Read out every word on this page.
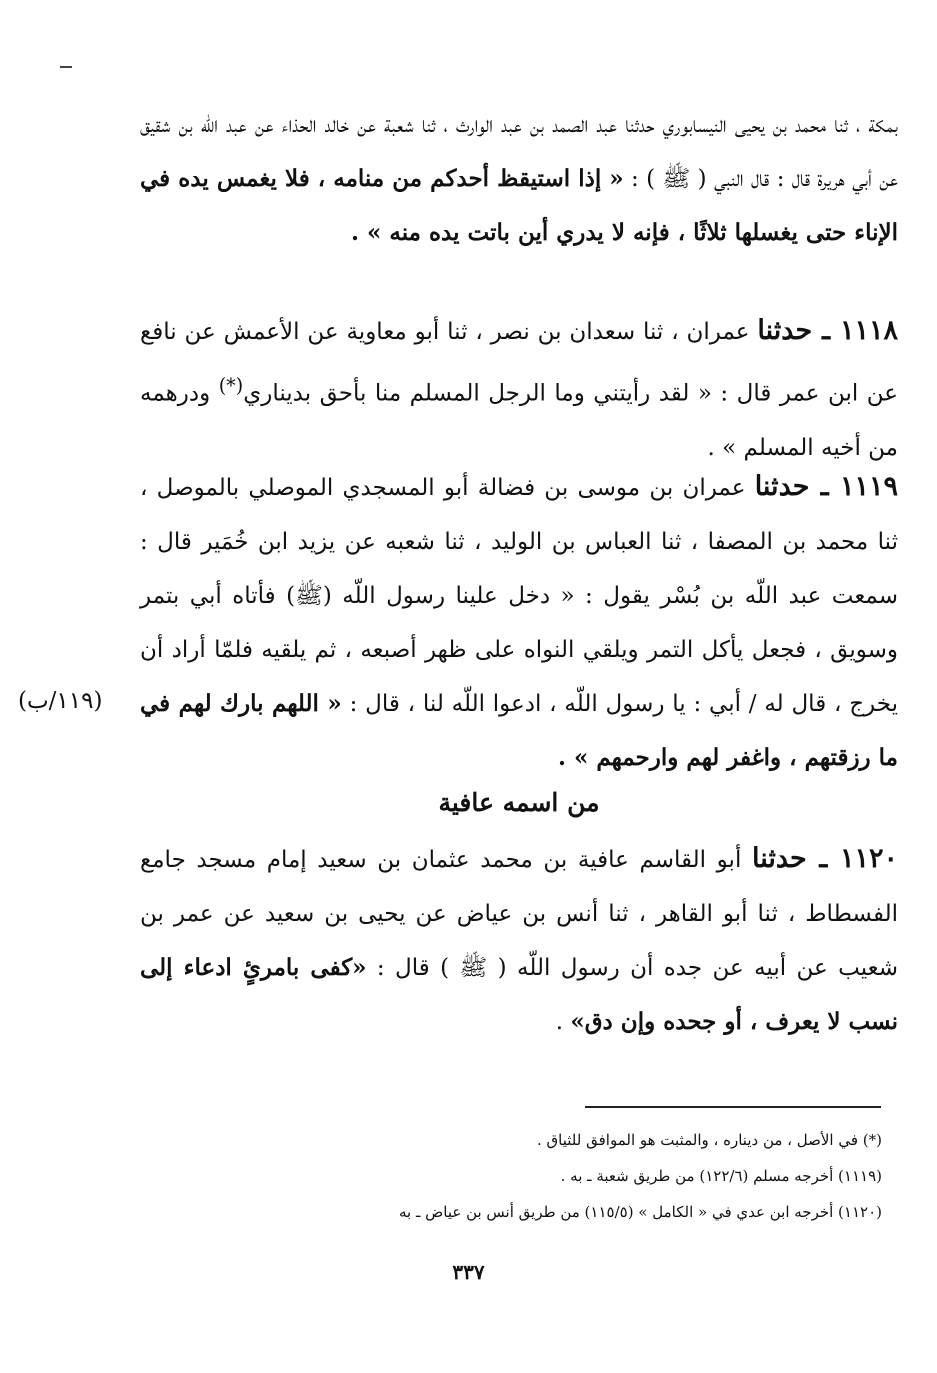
بمكة ، ثنا محمد بن يحيى النيسابوري حدثنا عبد الصمد بن عبد الوارث ، ثنا شعبة عن خالد الحذاء عن عبد اللّه بن شقيق عن أبي هريرة قال : قال النبي ( ﷺ ) : « إذا استيقظ أحدكم من منامه ، فلا يغمس يده في الإناء حتى يغسلها ثلاثًا ، فإنه لا يدري أين باتت يده منه » .

١١١٨ ـ حدثنا عمران ، ثنا سعدان بن نصر ، ثنا أبو معاوية عن الأعمش عن نافع عن ابن عمر قال : « لقد رأيتني وما الرجل المسلم منا بأحق بديناري(*) ودرهمه من أخيه المسلم » .

١١١٩ ـ حدثنا عمران بن موسى بن فضالة أبو المسجدي الموصلي بالموصل ، ثنا محمد بن المصفا ، ثنا العباس بن الوليد ، ثنا شعبه عن يزيد ابن خُمَير قال : سمعت عبد اللّه بن بُسْر يقول : « دخل علينا رسول اللّه (ﷺ) فأتاه أبي بتمر وسويق ، فجعل يأكل التمر ويلقي النواه على ظهر أصبعه ، ثم يلقيه فلمّا أراد أن يخرج ، قال له / أبي : يا رسول اللّه ، ادعوا اللّه لنا ، قال : « اللهم بارك لهم في ما رزقتهم ، واغفر لهم وارحمهم » .

(١١٩/ب)
من اسمه عافية

١١٢٠ ـ حدثنا أبو القاسم عافية بن محمد عثمان بن سعيد إمام مسجد جامع الفسطاط ، ثنا أبو القاهر ، ثنا أنس بن عياض عن يحيى بن سعيد عن عمر بن شعيب عن أبيه عن جده أن رسول اللّه ( ﷺ ) قال : «كفى بامرئٍ ادعاء إلى نسب لا يعرف ، أو جحده وإن دق» .

(*) في الأصل ، من ديناره ، والمثبت هو الموافق للثياق .

(١١١٩) أخرجه مسلم (١٢٢/٦) من طريق شعبة ـ به .

(١١٢٠) أخرجه ابن عدي في « الكامل » (١١٥/٥) من طريق أنس بن عياض ـ به

٣٣٧
